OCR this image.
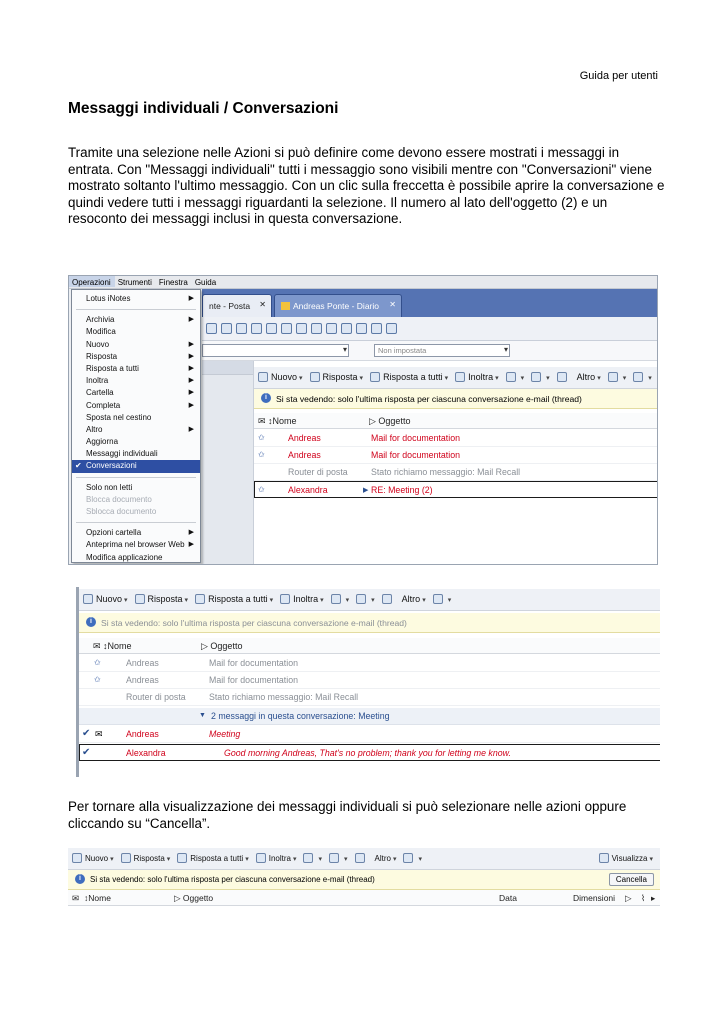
Guida per utenti
Messaggi individuali / Conversazioni
Tramite una selezione nelle Azioni si può definire come devono essere mostrati i messaggi in entrata. Con "Messaggi individuali" tutti i messaggio sono visibili mentre con "Conversazioni" viene mostrato soltanto l'ultimo messaggio. Con un clic sulla freccetta è possibile aprire la conversazione e quindi vedere tutti i messaggi riguardanti la selezione. Il numero al lato dell'oggetto (2) e un resoconto dei messaggi inclusi in questa conversazione.
Operazioni Strumenti Finestra Guida
nte - Posta ✕	Andreas Ponte - Diario ✕
▾
Non impostata ▾
Nuovo ▾ Risposta ▾ Risposta a tutti ▾ Inoltra ▾	▾	▾	Altro ▾	▾	▾
i Si sta vedendo: solo l'ultima risposta per ciascuna conversazione e-mail (thread)
✉ ↕Nome	▷ Oggetto
✩	Andreas	Mail for documentation
✩	Andreas	Mail for documentation
Router di posta	Stato richiamo messaggio: Mail Recall
✩	Alexandra	▶ RE: Meeting (2)
Lotus iNotes	▶
Archivia	▶
Modifica
Nuovo	▶
Risposta	▶
Risposta a tutti	▶
Inoltra	▶
Cartella	▶
Completa	▶
Sposta nel cestino
Altro	▶
Aggiorna
Messaggi individuali
✔ Conversazioni
Solo non letti
Blocca documento
Sblocca documento
Opzioni cartella	▶
Anteprima nel browser Web ▶
Modifica applicazione
Nuovo ▾ Risposta ▾ Risposta a tutti ▾ Inoltra ▾	▾	▾	Altro ▾	▾
i Si sta vedendo: solo l'ultima risposta per ciascuna conversazione e-mail (thread)
✉ ↕Nome	▷ Oggetto
✩	Andreas	Mail for documentation
✩	Andreas	Mail for documentation
Router di posta	Stato richiamo messaggio: Mail Recall
▼ 2 messaggi in questa conversazione: Meeting
✔ ✉	Andreas	Meeting
✔	Alexandra	Good morning Andreas, That's no problem; thank you for letting me know.
Per tornare alla visualizzazione dei messaggi individuali si può selezionare nelle azioni oppure cliccando su “Cancella”.
Nuovo ▾	Risposta ▾	Risposta a tutti ▾	Inoltra ▾	▾	▾	Altro ▾	▾	Visualizza ▾
i Si sta vedendo: solo l'ultima risposta per ciascuna conversazione e-mail (thread)	Cancella
✉ ↕Nome	▷ Oggetto	Data	Dimensioni ▷ ⌇ ▸
